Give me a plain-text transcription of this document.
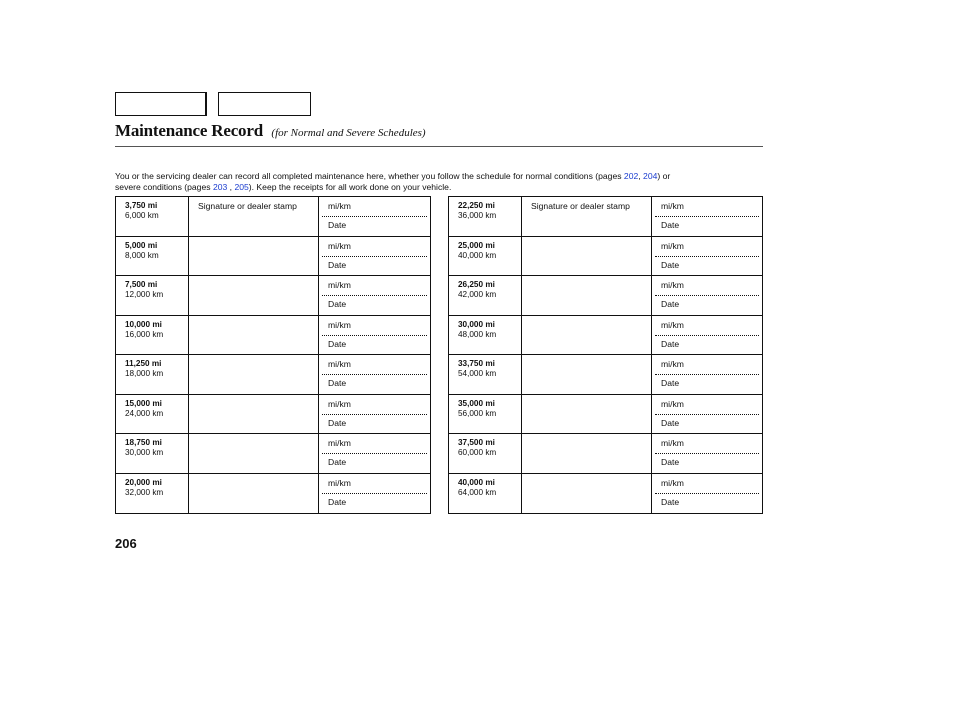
Maintenance Record (for Normal and Severe Schedules)
You or the servicing dealer can record all completed maintenance here, whether you follow the schedule for normal conditions (pages 202, 204) or
severe conditions (pages 203 , 205). Keep the receipts for all work done on your vehicle.
3,750 mi
6,000 km
Signature or dealer stamp	mi/km
Date
5,000 mi
8,000 km
mi/km
Date
7,500 mi
12,000 km
mi/km
Date
10,000 mi
16,000 km
mi/km
Date
11,250 mi
18,000 km
mi/km
Date
15,000 mi
24,000 km
mi/km
Date
18,750 mi
30,000 km
mi/km
Date
20,000 mi
32,000 km
mi/km
Date
22,250 mi
36,000 km
Signature or dealer stamp	mi/km
Date
25,000 mi
40,000 km
mi/km
Date
26,250 mi
42,000 km
mi/km
Date
30,000 mi
48,000 km
mi/km
Date
33,750 mi
54,000 km
mi/km
Date
35,000 mi
56,000 km
mi/km
Date
37,500 mi
60,000 km
mi/km
Date
40,000 mi
64,000 km
mi/km
Date
206
